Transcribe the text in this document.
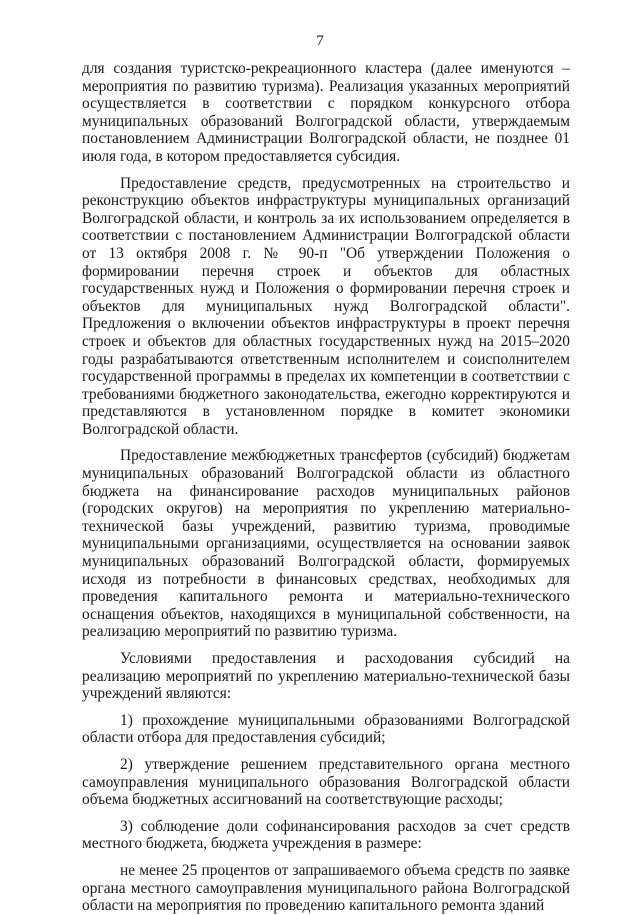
7

для создания туристско-рекреационного кластера (далее именуются – мероприятия по развитию туризма). Реализация указанных мероприятий осуществляется в соответствии с порядком конкурсного отбора муниципальных образований Волгоградской области, утверждаемым постановлением Администрации Волгоградской области, не позднее 01 июля года, в котором предоставляется субсидия.

Предоставление средств, предусмотренных на строительство и реконструкцию объектов инфраструктуры муниципальных организаций Волгоградской области, и контроль за их использованием определяется в соответствии с постановлением Администрации Волгоградской области от 13 октября 2008 г. № 90-п "Об утверждении Положения о формировании перечня строек и объектов для областных государственных нужд и Положения о формировании перечня строек и объектов для муниципальных нужд Волгоградской области". Предложения о включении объектов инфраструктуры в проект перечня строек и объектов для областных государственных нужд на 2015–2020 годы разрабатываются ответственным исполнителем и соисполнителем государственной программы в пределах их компетенции в соответствии с требованиями бюджетного законодательства, ежегодно корректируются и представляются в установленном порядке в комитет экономики Волгоградской области.

Предоставление межбюджетных трансфертов (субсидий) бюджетам муниципальных образований Волгоградской области из областного бюджета на финансирование расходов муниципальных районов (городских округов) на мероприятия по укреплению материально-технической базы учреждений, развитию туризма, проводимые муниципальными организациями, осуществляется на основании заявок муниципальных образований Волгоградской области, формируемых исходя из потребности в финансовых средствах, необходимых для проведения капитального ремонта и материально-технического оснащения объектов, находящихся в муниципальной собственности, на реализацию мероприятий по развитию туризма.

Условиями предоставления и расходования субсидий на реализацию мероприятий по укреплению материально-технической базы учреждений являются:

1) прохождение муниципальными образованиями Волгоградской области отбора для предоставления субсидий;

2) утверждение решением представительного органа местного самоуправления муниципального образования Волгоградской области объема бюджетных ассигнований на соответствующие расходы;

3) соблюдение доли софинансирования расходов за счет средств местного бюджета, бюджета учреждения в размере:

не менее 25 процентов от запрашиваемого объема средств по заявке органа местного самоуправления муниципального района Волгоградской области на мероприятия по проведению капитального ремонта зданий
